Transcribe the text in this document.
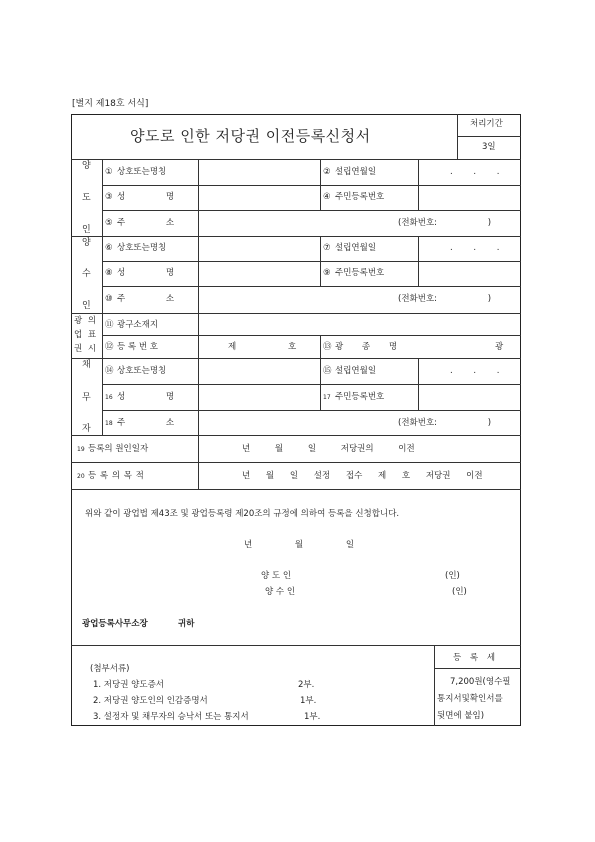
[별지 제18호 서식]
양도로 인한 저당권 이전등록신청서
처리기간
3일
양
도
인
① 상호또는명칭	② 설립연월일	. . .
③ 성 명	④ 주민등록번호
⑤ 주 소	(전화번호: )
양
수
인
⑥ 상호또는명칭	⑦ 설립연월일	. . .
⑧ 성 명	⑨ 주민등록번호
⑩ 주 소	(전화번호: )
광 의
업 표
권 시
⑪ 광구소재지
⑫ 등 록 번 호	제	호	⑬ 광 종 명	광
채
무
자
⑭ 상호또는명칭	⑮ 설립연월일	. . .
16 성 명	17 주민등록번호
18 주 소	(전화번호: )
19 등록의 원인일자	년 월 일 저당권의 이전
20 등 록 의 목 적	년 월 일 설정 접수 제 호 저당권 이전
위와 같이 광업법 제43조 및 광업등록령 제20조의 규정에 의하여 등록을 신청합니다.
년 월 일
양 도 인	(인)
양 수 인	(인)
광업등록사무소장	귀하
(첨부서류)
1. 저당권 양도증서	2부.
2. 저당권 양도인의 인감증명서	1부.
3. 설정자 및 채무자의 승낙서 또는 통지서	1부.
등 록 세
7,200원(영수필
통지서및확인서를
뒷면에 붙임)
